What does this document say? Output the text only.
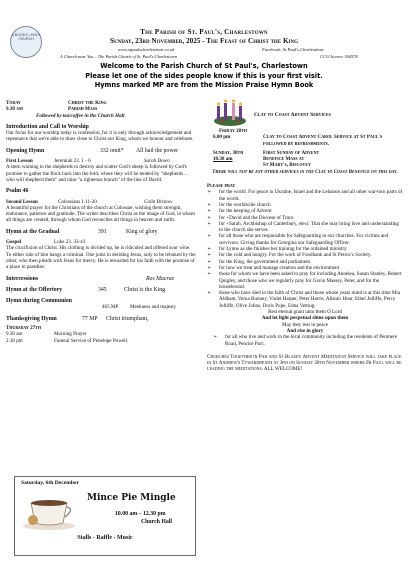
A BOOKS • HOLY CHURCH
The Parish of St. Paul's, Charlestown
Sunday, 23rd November, 2025 - The Feast of Christ the King
www.stpaulscharlestown.co.uk	Facebook: St Paul's Charlestown
A Church near You – The Parish Church of St. Paul's Charlestown	CCLI licence 304578
Welcome to the Parish Church of St Paul's, Charlestown
Please let one of the sides people know if this is your first visit.
Hymns marked MP are from the Mission Praise Hymn Book
Today	Christ the King
9.30 am	Parish Mass
Followed by tea/coffee in the Church Hall
Introduction and Call to Worship
Our focus for our worship today is confession, for it is only through acknowledgement and repentance that we're able to draw close to Christ our King, whom we honour and celebrate.
Opening Hymn	332 omit* All hail the power
First Lesson	Jeremiah 23. 1 - 6	Sarah Down
A stern warning to the shepherds to destroy and scatter God's sheep is followed by God's promise to gather the flock back into the fold, where they will be tended by "shepherds… who will shepherd them" and raise "a righteous branch" of the line of David.
Psalm 46
Second Lesson	Colossians 1.11-20	Colin Bristow
A beautiful prayer for the Christians of the church at Colossae, wishing them strength, endurance, patience and gratitude. The writer describes Christ as the image of God, in whom all things are created, through whom God reconciles all things in heaven and earth.
Hymn at the Gradual	391	King of glory
Gospel	Luke 23. 33-43
The crucifixion of Christ. His clothing is divided up, he is ridiculed and offered sour wine. To either side of him hangs a criminal. One joins in deriding Jesus, only to be rebuked by the other, who then pleads with Jesus for mercy. He is rewarded for his faith with the promise of a place in paradise.
Intercessions	Ros Macrae
Hymn at the Offertory	345	Christ is the King
Hymn during Communion
465 MP Meekness and majesty

Thanksgiving Hymn	77 MP Christ triumphant,
Thursday 27th
9.30 am	Morning Prayer
2.30 pm	Funeral Service of Penelope Powell.
Saturday, 6th December
Mince Pie Mingle
10.00 am – 12.30 pm
Church Hall
Stalls - Raffle - Music
Clay to Coast Advent Services
Friday 28th
6.00 pm	Clay to Coast Advent Carol Service at St Paul's followed by refreshments.
Sunday, 30th
10.30 am
First Sunday of Advent
Benefice Mass at
St Mary's, Biscovey
There will not be any other services in the Clay to Coast Benefice on this day.
Please pray
➢ for the world. For peace in Ukraine, Israel and the Lebanon and all other war-torn parts of the world.
➢ for the worldwide church
➢ for the keeping of Advent
➢ for +David and the Diocese of Truro
➢ for +Sarah, Archbishop of Canterbury, elect. That she may bring love and understanding to the church she serves.
➢ for all those who are responsible for Safeguarding in our churches. For victims and survivors. Giving thanks for Georgina our Safeguarding Officer.
➢ for Lynne as she finishes her training for the ordained ministry.
➢ for the cold and hungry. For the work of Foodbank and St Petroc's Society.
➢ for the King, the government and parliament.
➢ for how we treat and manage creation and the environment
➢ those for whom we have been asked to pray for including Annelea, Susan Stanley, Robert Quigley, and those who we regularly pray for Gavin Massey, Peter, and for the housebound.
➢ those who have died in the faith of Christ and those whose years mind is at this time Mia Aldham, Verna Bunney, Violet Harper, Peter Harris, Alistair Hoar, Ethel Jolliffe, Percy Jolliffe, Olive Johns, Doris Pope, Edna Vetting.
Rest eternal grant unto them O Lord
And let light perpetual shine upon them
May they rest in peace
And rise in glory
➢ for all who live and work in the local community including the residents of Penmere Road, Penrice Parc.
Churches Together in Par and St Blazey Advent Meditation Service will take place in St Andrew's Tywardreath at 3pm on Sunday 30th November where Fr Paul will be leading the meditations. ALL WELCOME!
